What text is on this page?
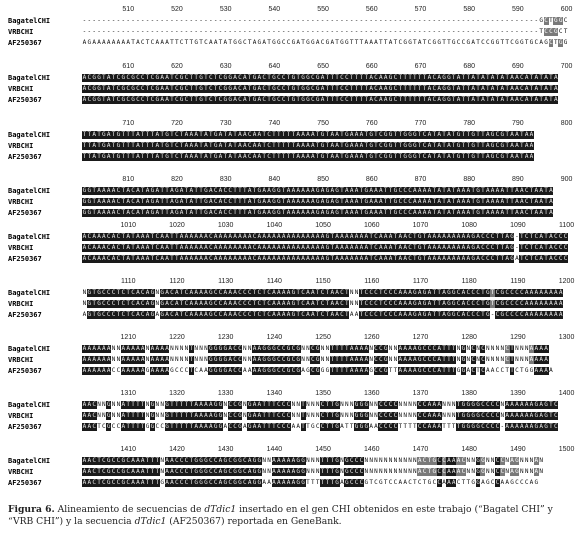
510	520	530	540	550	560	570	580	590	600
BagatelCHI	----------------------------------------------------------------------------------------------GCTGGC
VRBCHI	----------------------------------------------------------------------------------------------TCCGCT
AF250367	AGAAAAAAAATACTCAAATTCTTGTCAATATGGCTAGATGGCCGATGGACGATGGTTTAAATTATCGGTATCGGTTGCCGATCCGGTTCGGTGCAGCTGG
610	620	630	640	650	660	670	680	690	700
BagatelCHI	ACGGTATCGCGCCTCGAATCGCTTGTCTCGGACATGACTGCCTGTGGCGATTTCCTTTTACAAGCTTTTTTACAGGTATTATATATATAACATATATA
VRBCHI	ACGGTATCGCGCCTCGAATCGCTTGTCTCGGACATGACTGCCTGTGGCGATTTCCTTTTACAAGCTTTTTTACAGGTATTATATATATAACATATATA
AF250367	ACGGTATCGCGCCTCGAATCGCTTGTCTCGGACATGACTGCCTGTGGCGATTTCCTTTTACAAGCTTTTTTACAGGTATTATATATATAACATATATA
710	720	730	740	750	760	770	780	790	800
BagatelCHI	TTATGATGTTTATTTATGTCTAAATATGATATAACAATCTTTTTAAAATGTAATGAAATGTCGGTTGGGTCATATATGTTGTTAGCGTAATAA
VRBCHI	TTATGATGTTTATTTATGTCTAAATATGATATAACAATCTTTTTAAAATGTAATGAAATGTCGGTTGGGTCATATATGTTGTTAGCGTAATAA
AF250367	TTATGATGTTTATTTATGTCTAAATATGATATAACAATCTTTTTAAAATGTAATGAAATGTCGGTTGGGTCATATATGTTGTTAGCGTAATAA
810	820	830	840	850	860	870	880	890	900
BagatelCHI	GGTAAAACTACATAGATTAGATATTGACACCTTTATGAAGGTAAAAAAGAGAGTAAATGAAATTGCCCAAAATATATAAATGTAAAATTAACTAATA
VRBCHI	GGTAAAACTACATAGATTAGATATTGACACCTTTATGAAGGTAAAAAAGAGAGTAAATGAAATTGCCCAAAATATATAAATGTAAAATTAACTAATA
AF250367	GGTAAAACTACATAGATTAGATATTGACACCTTTATGAAGGTAAAAAAGAGAGTAAATGAAATTGCCCAAAATATATAAATGTAAAATTAACTAATA
1010	1020	1030	1040	1050	1060	1070	1080	1090	1100
BagatelCHI	ACAAACACTATAAATCAATTAAAAAACAAAAAAAACAAAAAAAAAAAAAAGTAAAAAAATCAAATAACTGTAAAAAAAAAGACCCTTAG-TCTCATACCC
VRBCHI	ACAAACACTATAAATCAATTAAAAAACAAAAAAAACAAAAAAAAAAAAAAGTAAAAAAATCAAATAACTGTAAAAAAAAAGACCCTTAG-TCTCATACCC
AF250367	ACAAACACTATAAATCAATTAAAAAACAAAAAAAACAAAAAAAAAAAAAAGTAAAAAAATCAAATAACTGTAAAAAAAAAGACCCTTAGATCTCATACCC
1110	1120	1130	1140	1150	1160	1170	1180	1190	1200
BagatelCHI	NGTGCCCTCTCACAGNGACATCAAAAGCCAAACCCTCTCAAAAGTCAATCTAACTNNTCCCTCCCAAAGAGATTAGGCACCCTGTCGCCCCAAAAAAAA
VRBCHI	NGTGCCCTCTCACAGNGACATCAAAAGCCAAACCCTCTCAAAAGTCAATCTAACTNNTCCCTCCCAAAGAGATTAGGCACCCTGTCGCCCCAAAAAAAA
AF250367	AGTGCCCTCTCACAGAGACATCAAAAGCCAAACCCTCTCAAAAGTCAATCTAACTAATCCCTCCCAAAGAGATTAGGCACCCTG-CGCCCCAAAAAAAA
1210	1220	1230	1240	1250	1260	1270	1280	1290	1300
BagatelCHI	AAAAAANNAAAAANAAAANNNNTNNNGGGGACCNNAAGGGCCGCGNNCGNNTTTTAAAANCCGNNAAAAGCCCATTTNGNCNCNNNNCTNNNAAAA
VRBCHI	AAAAAANNAAAAANAAAANNNNTNNNGGGGACCNNAAGGGCCGCGNNCGNNTTTTAAAANCCGNNAAAAGCCCATTTNGNCNCNNNNCTNNNAAAA
AF250367	AAAAAACCAAAAAGAAAAGCCCTCAAGGGGACCAAAAGGGCCGCGAGCGGGTTTTAAAAGCCGTTAAAAGCCCATTTGGACTCAACCTTCTGGAAAA
1310	1320	1330	1340	1350	1360	1370	1380	1390	1400
BagatelCHI	AACNNGNNATTTTNGNNGTTTTTAAAAGGNCCGNGAATTTCCCNNTNNNCTTGNNNGGGNNCCCCNNNNCCAAANNNTGGGGCCCCNAAAAAAGAGTC
VRBCHI	AACNNGNNATTTTNGNNGTTTTTAAAAGGNCCGNGAATTTCCCNNTNNNCTTGNNNGGGNNCCCCNNNNCCAAANNNTGGGGCCCCNAAAAAAGAGTC
AF250367	AACTCGCCATTTTGGCCGTTTTTAAAAGGACCGAGAATTTCCCAATTGCCTTGATTGGGAACCCCTTTTCCAAATTTTGGGGCCCC-AAAAAAGAGTC
1410	1420	1430	1440	1450	1460	1470	1480	1490	1500
BagatelCHI	AACTCGCCGCAAATTTNAACCCTGGGCCAGCGGCAGGNNAAAAAGGNNNTTTGNGCCCNNNNNNNNNNNACTGCCAAACNNGGNNCCNAGNNNAN
VRBCHI	AACTCGCCGCAAATTTNAACCCTGGGCCAGCGGCAGGNNAAAAAGGNNNTTTGNGCCCNNNNNNNNNNNACTGCCAAACNNGGNNCCNAGNNNAN
AF250367	AACTCGCCGCAAATTTGAACCCTGGGCCAGCGGCAGGAAAAAAAGGTTTTTTGAGCCCGTCGTCCAACTCTGCCAAACTTGGAGCCAAGCCCAG
Figura 6. Alineamiento de secuencias de dTdic1 insertado en el gen CHI obtenidos en este trabajo (“Bagatel CHI” y “VRB CHI”) y la secuencia dTdic1 (AF250367) reportada en GeneBank.
